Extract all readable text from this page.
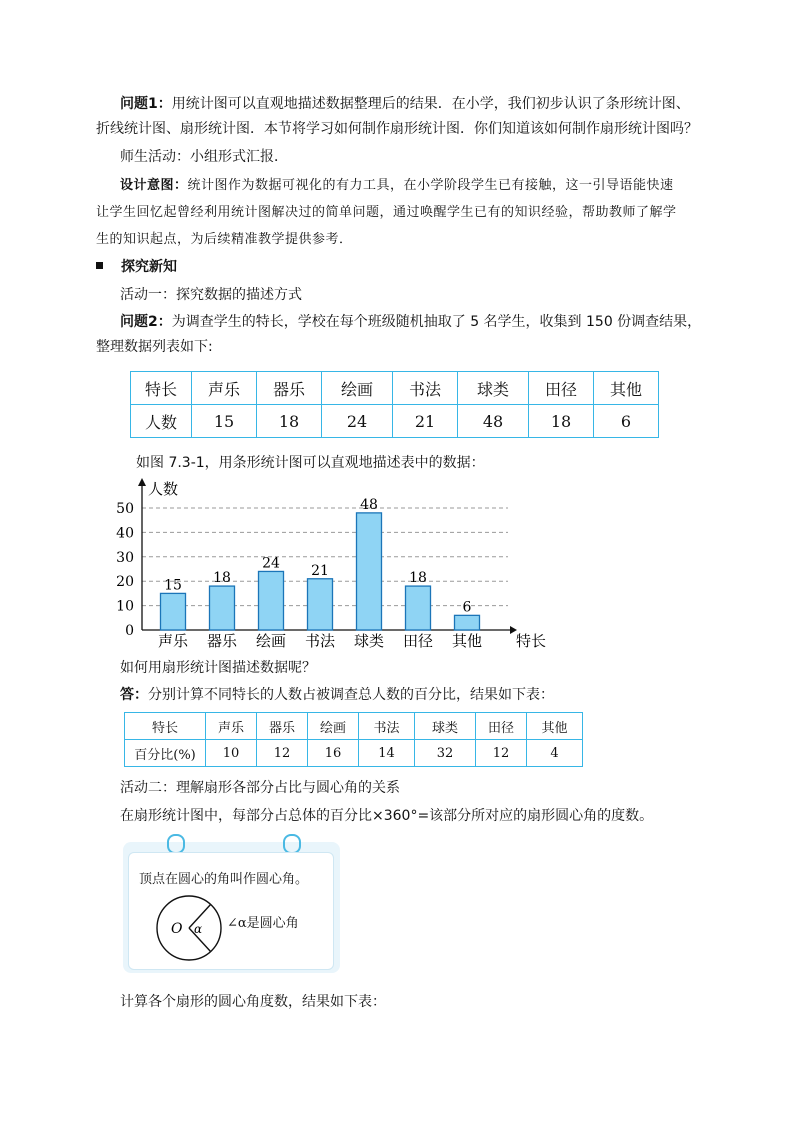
问题1：用统计图可以直观地描述数据整理后的结果．在小学，我们初步认识了条形统计图、
折线统计图、扇形统计图．本节将学习如何制作扇形统计图．你们知道该如何制作扇形统计图吗？
师生活动：小组形式汇报．
设计意图：统计图作为数据可视化的有力工具，在小学阶段学生已有接触，这一引导语能快速
让学生回忆起曾经利用统计图解决过的简单问题，通过唤醒学生已有的知识经验，帮助教师了解学
生的知识起点，为后续精准教学提供参考．
探究新知
活动一：探究数据的描述方式
问题2：为调查学生的特长，学校在每个班级随机抽取了 5 名学生，收集到 150 份调查结果，
整理数据列表如下:
特长	声乐	器乐	绘画	书法	球类	田径	其他
人数	15	18	24	21	48	18	6
如图 7.3-1，用条形统计图可以直观地描述表中的数据：
0
10
20
30
40
50
15 18
24 21
48
18
6
声乐 器乐 绘画 书法 球类 田径 其他
人数
特长
如何用扇形统计图描述数据呢？
答：分别计算不同特长的人数占被调查总人数的百分比，结果如下表：
特长	声乐	器乐	绘画	书法	球类	田径	其他
百分比(%)	10	12	16	14	32	12	4
活动二：理解扇形各部分占比与圆心角的关系
在扇形统计图中，每部分占总体的百分比×360°=该部分所对应的扇形圆心角的度数。
顶点在圆心的角叫作圆心角。
O α ∠α是圆心角
计算各个扇形的圆心角度数，结果如下表：
